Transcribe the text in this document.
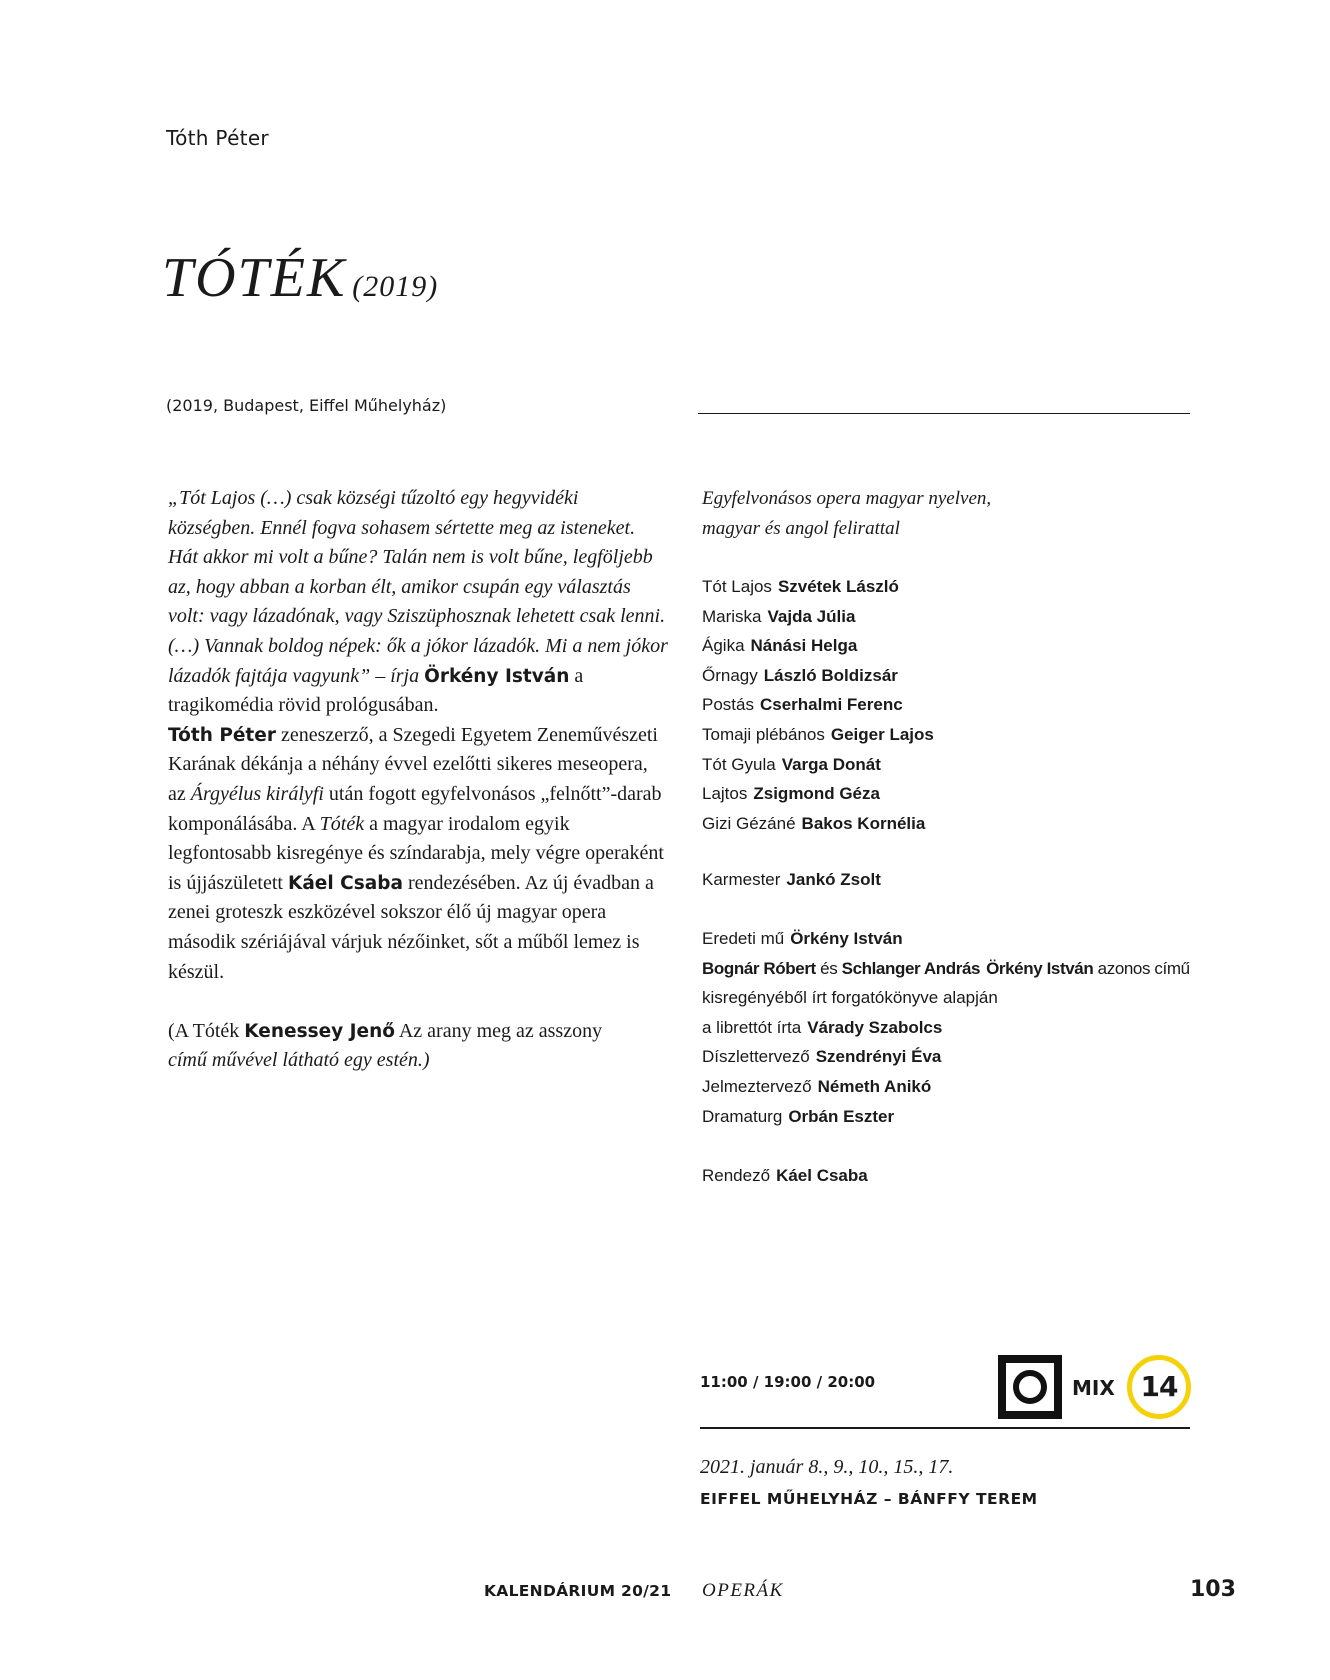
Tóth Péter
TÓTÉK (2019)
(2019, Budapest, Eiffel Műhelyház)

„Tót Lajos (…) csak községi tűzoltó egy hegyvidéki községben. Ennél fogva sohasem sértette meg az isteneket. Hát akkor mi volt a bűne? Talán nem is volt bűne, legföljebb az, hogy abban a korban élt, amikor csupán egy választás volt: vagy lázadónak, vagy Sziszüphosznak lehetett csak lenni. (…) Vannak boldog népek: ők a jókor lázadók. Mi a nem jókor lázadók fajtája vagyunk” – írja Örkény István a tragikomédia rövid prológusában.

Tóth Péter zeneszerző, a Szegedi Egyetem Zeneművészeti Karának dékánja a néhány évvel ezelőtti sikeres meseopera, az Árgyélus királyfi után fogott egyfelvonásos „felnőtt”-darab komponálásába. A Tóték a magyar irodalom egyik legfontosabb kisregénye és színdarabja, mely végre operaként is újjászületett Káel Csaba rendezésében. Az új évadban a zenei groteszk eszközével sokszor élő új magyar opera második szériájával várjuk nézőinket, sőt a műből lemez is készül.

(A Tóték Kenessey Jenő Az arany meg az asszony
című művével látható egy estén.)

Egyfelvonásos opera magyar nyelven,
magyar és angol felirattal
Tót Lajos Szvétek László
Mariska Vajda Júlia
Ágika Nánási Helga
Őrnagy László Boldizsár
Postás Cserhalmi Ferenc
Tomaji plébános Geiger Lajos
Tót Gyula Varga Donát
Lajtos Zsigmond Géza
Gizi Gézáné Bakos Kornélia
Karmester Jankó Zsolt
Eredeti mű Örkény István
Bognár Róbert és Schlanger András Örkény István azonos című
kisregényéből írt forgatókönyve alapján
a librettót írta Várady Szabolcs
Díszlettervező Szendrényi Éva
Jelmeztervező Németh Anikó
Dramaturg Orbán Eszter
Rendező Káel Csaba
11:00 / 19:00 / 20:00	MIX 14
2021. január 8., 9., 10., 15., 17.
EIFFEL MŰHELYHÁZ – BÁNFFY TEREM
KALENDÁRIUM 20/21 OPERÁK	103
